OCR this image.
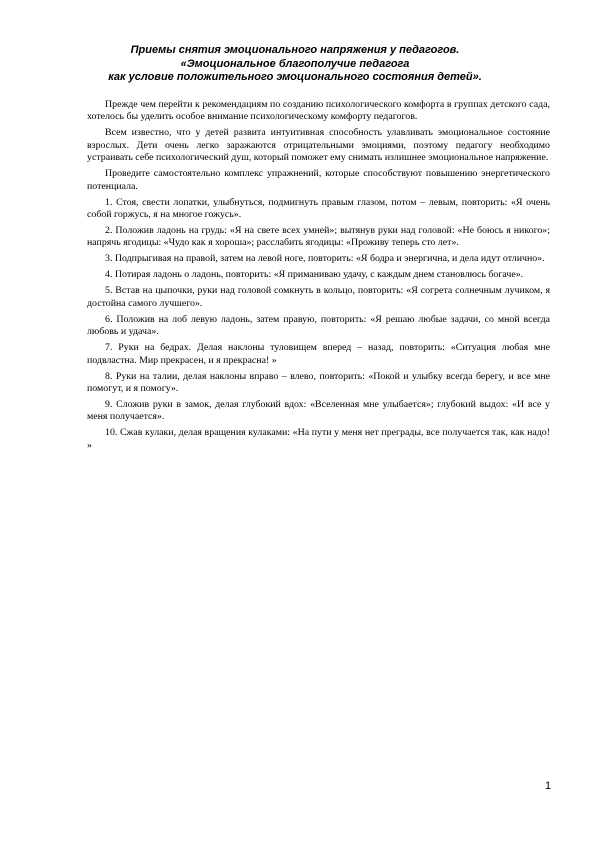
Приемы снятия эмоционального напряжения у педагогов.
«Эмоциональное благополучие педагога
как условие положительного эмоционального состояния детей».

Прежде чем перейти к рекомендациям по созданию психологического комфорта в группах детского сада, хотелось бы уделить особое внимание психологическому комфорту педагогов.

Всем известно, что у детей развита интуитивная способность улавливать эмоциональное состояние взрослых. Дети очень легко заражаются отрицательными эмоциями, поэтому педагогу необходимо устраивать себе психологический душ, который поможет ему снимать излишнее эмоциональное напряжение.

Проведите самостоятельно комплекс упражнений, которые способствуют повышению энергетического потенциала.

1. Стоя, свести лопатки, улыбнуться, подмигнуть правым глазом, потом – левым, повторить: «Я очень собой горжусь, я на многое гожусь».

2. Положив ладонь на грудь: «Я на свете всех умней»; вытянув руки над головой: «Не боюсь я никого»; напрячь ягодицы: «Чудо как я хороша»; расслабить ягодицы: «Проживу теперь сто лет».

3. Подпрыгивая на правой, затем на левой ноге, повторить: «Я бодра и энергична, и дела идут отлично».

4. Потирая ладонь о ладонь, повторить: «Я приманиваю удачу, с каждым днем становлюсь богаче».

5. Встав на цыпочки, руки над головой сомкнуть в кольцо, повторить: «Я согрета солнечным лучиком, я достойна самого лучшего».

6. Положив на лоб левую ладонь, затем правую, повторить: «Я решаю любые задачи, со мной всегда любовь и удача».

7. Руки на бедрах. Делая наклоны туловищем вперед – назад, повторить: «Ситуация любая мне подвластна. Мир прекрасен, и я прекрасна! »

8. Руки на талии, делая наклоны вправо – влево, повторить: «Покой и улыбку всегда берегу, и все мне помогут, и я помогу».

9. Сложив руки в замок, делая глубокий вдох: «Вселенная мне улыбается»; глубокий выдох: «И все у меня получается».

10. Сжав кулаки, делая вращения кулаками: «На пути у меня нет преграды, все получается так, как надо! »

1
